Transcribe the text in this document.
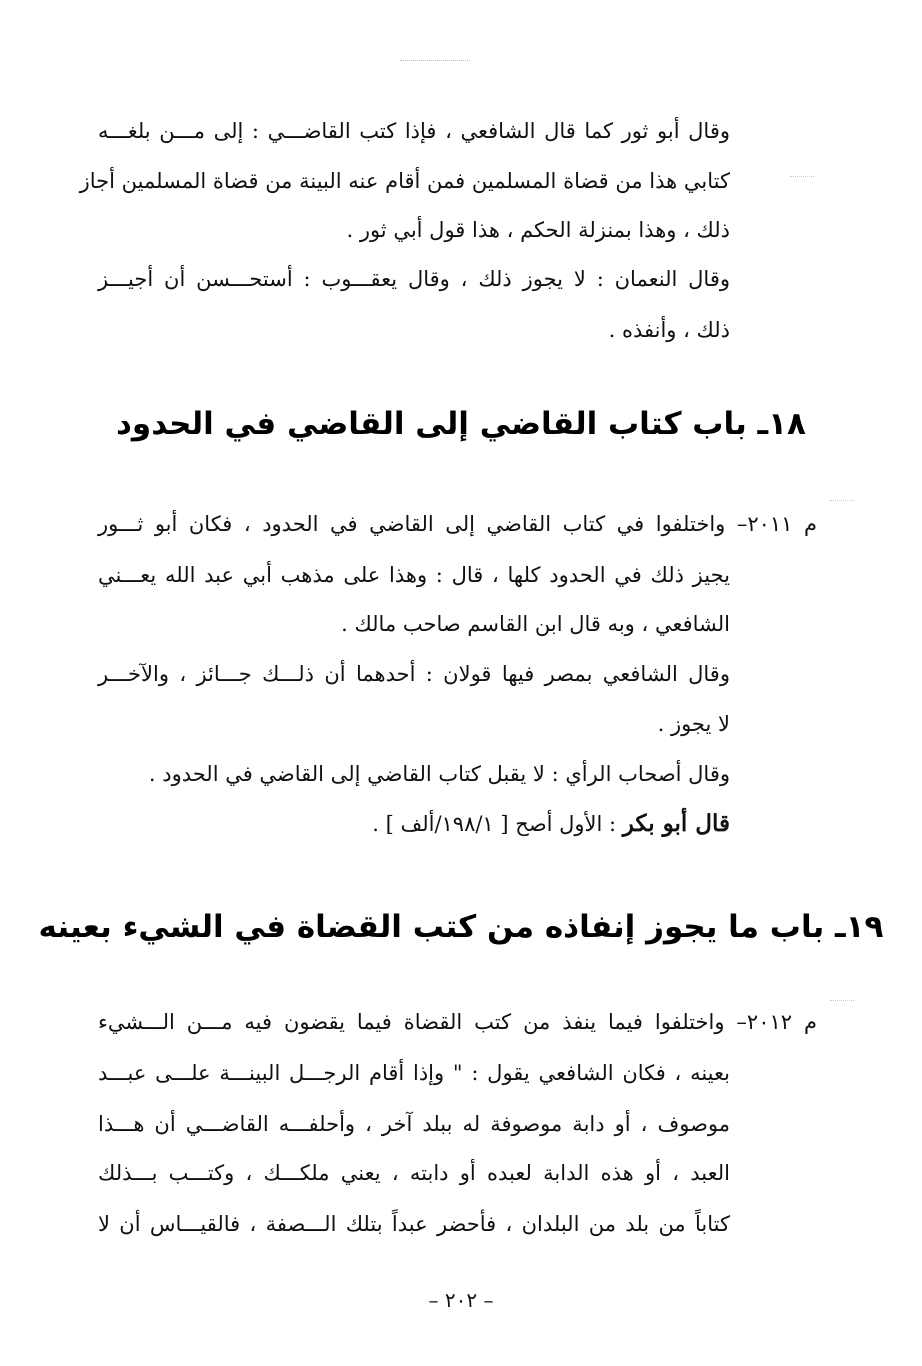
وقال أبو ثور كما قال الشافعي ، فإذا كتب القاضـــي : إلى مـــن بلغـــه
كتابي هذا من قضاة المسلمين فمن أقام عنه البينة من قضاة المسلمين أجاز
ذلك ، وهذا بمنزلة الحكم ، هذا قول أبي ثور .
وقال النعمان : لا يجوز ذلك ، وقال يعقـــوب : أستحـــسن أن أجيـــز
ذلك ، وأنفذه .
١٨ـ باب كتاب القاضي إلى القاضي في الحدود
م ٢٠١١– واختلفوا في كتاب القاضي إلى القاضي في الحدود ، فكان أبو ثـــور
يجيز ذلك في الحدود كلها ، قال : وهذا على مذهب أبي عبد الله يعـــني
الشافعي ، وبه قال ابن القاسم صاحب مالك .
وقال الشافعي بمصر فيها قولان : أحدهما أن ذلـــك جـــائز ، والآخـــر
لا يجوز .
وقال أصحاب الرأي : لا يقبل كتاب القاضي إلى القاضي في الحدود .
قال أبو بكر : الأول أصح [ ١٩٨/١/ألف ] .
١٩ـ باب ما يجوز إنفاذه من كتب القضاة في الشيء بعينه
م ٢٠١٢– واختلفوا فيما ينفذ من كتب القضاة فيما يقضون فيه مـــن الـــشيء
بعينه ، فكان الشافعي يقول : " وإذا أقام الرجـــل البينـــة علـــى عبـــد
موصوف ، أو دابة موصوفة له ببلد آخر ، وأحلفـــه القاضـــي أن هـــذا
العبد ، أو هذه الدابة لعبده أو دابته ، يعني ملكـــك ، وكتـــب بـــذلك
كتاباً من بلد من البلدان ، فأحضر عبداً بتلك الـــصفة ، فالقيـــاس أن لا
– ٢٠٢ –
